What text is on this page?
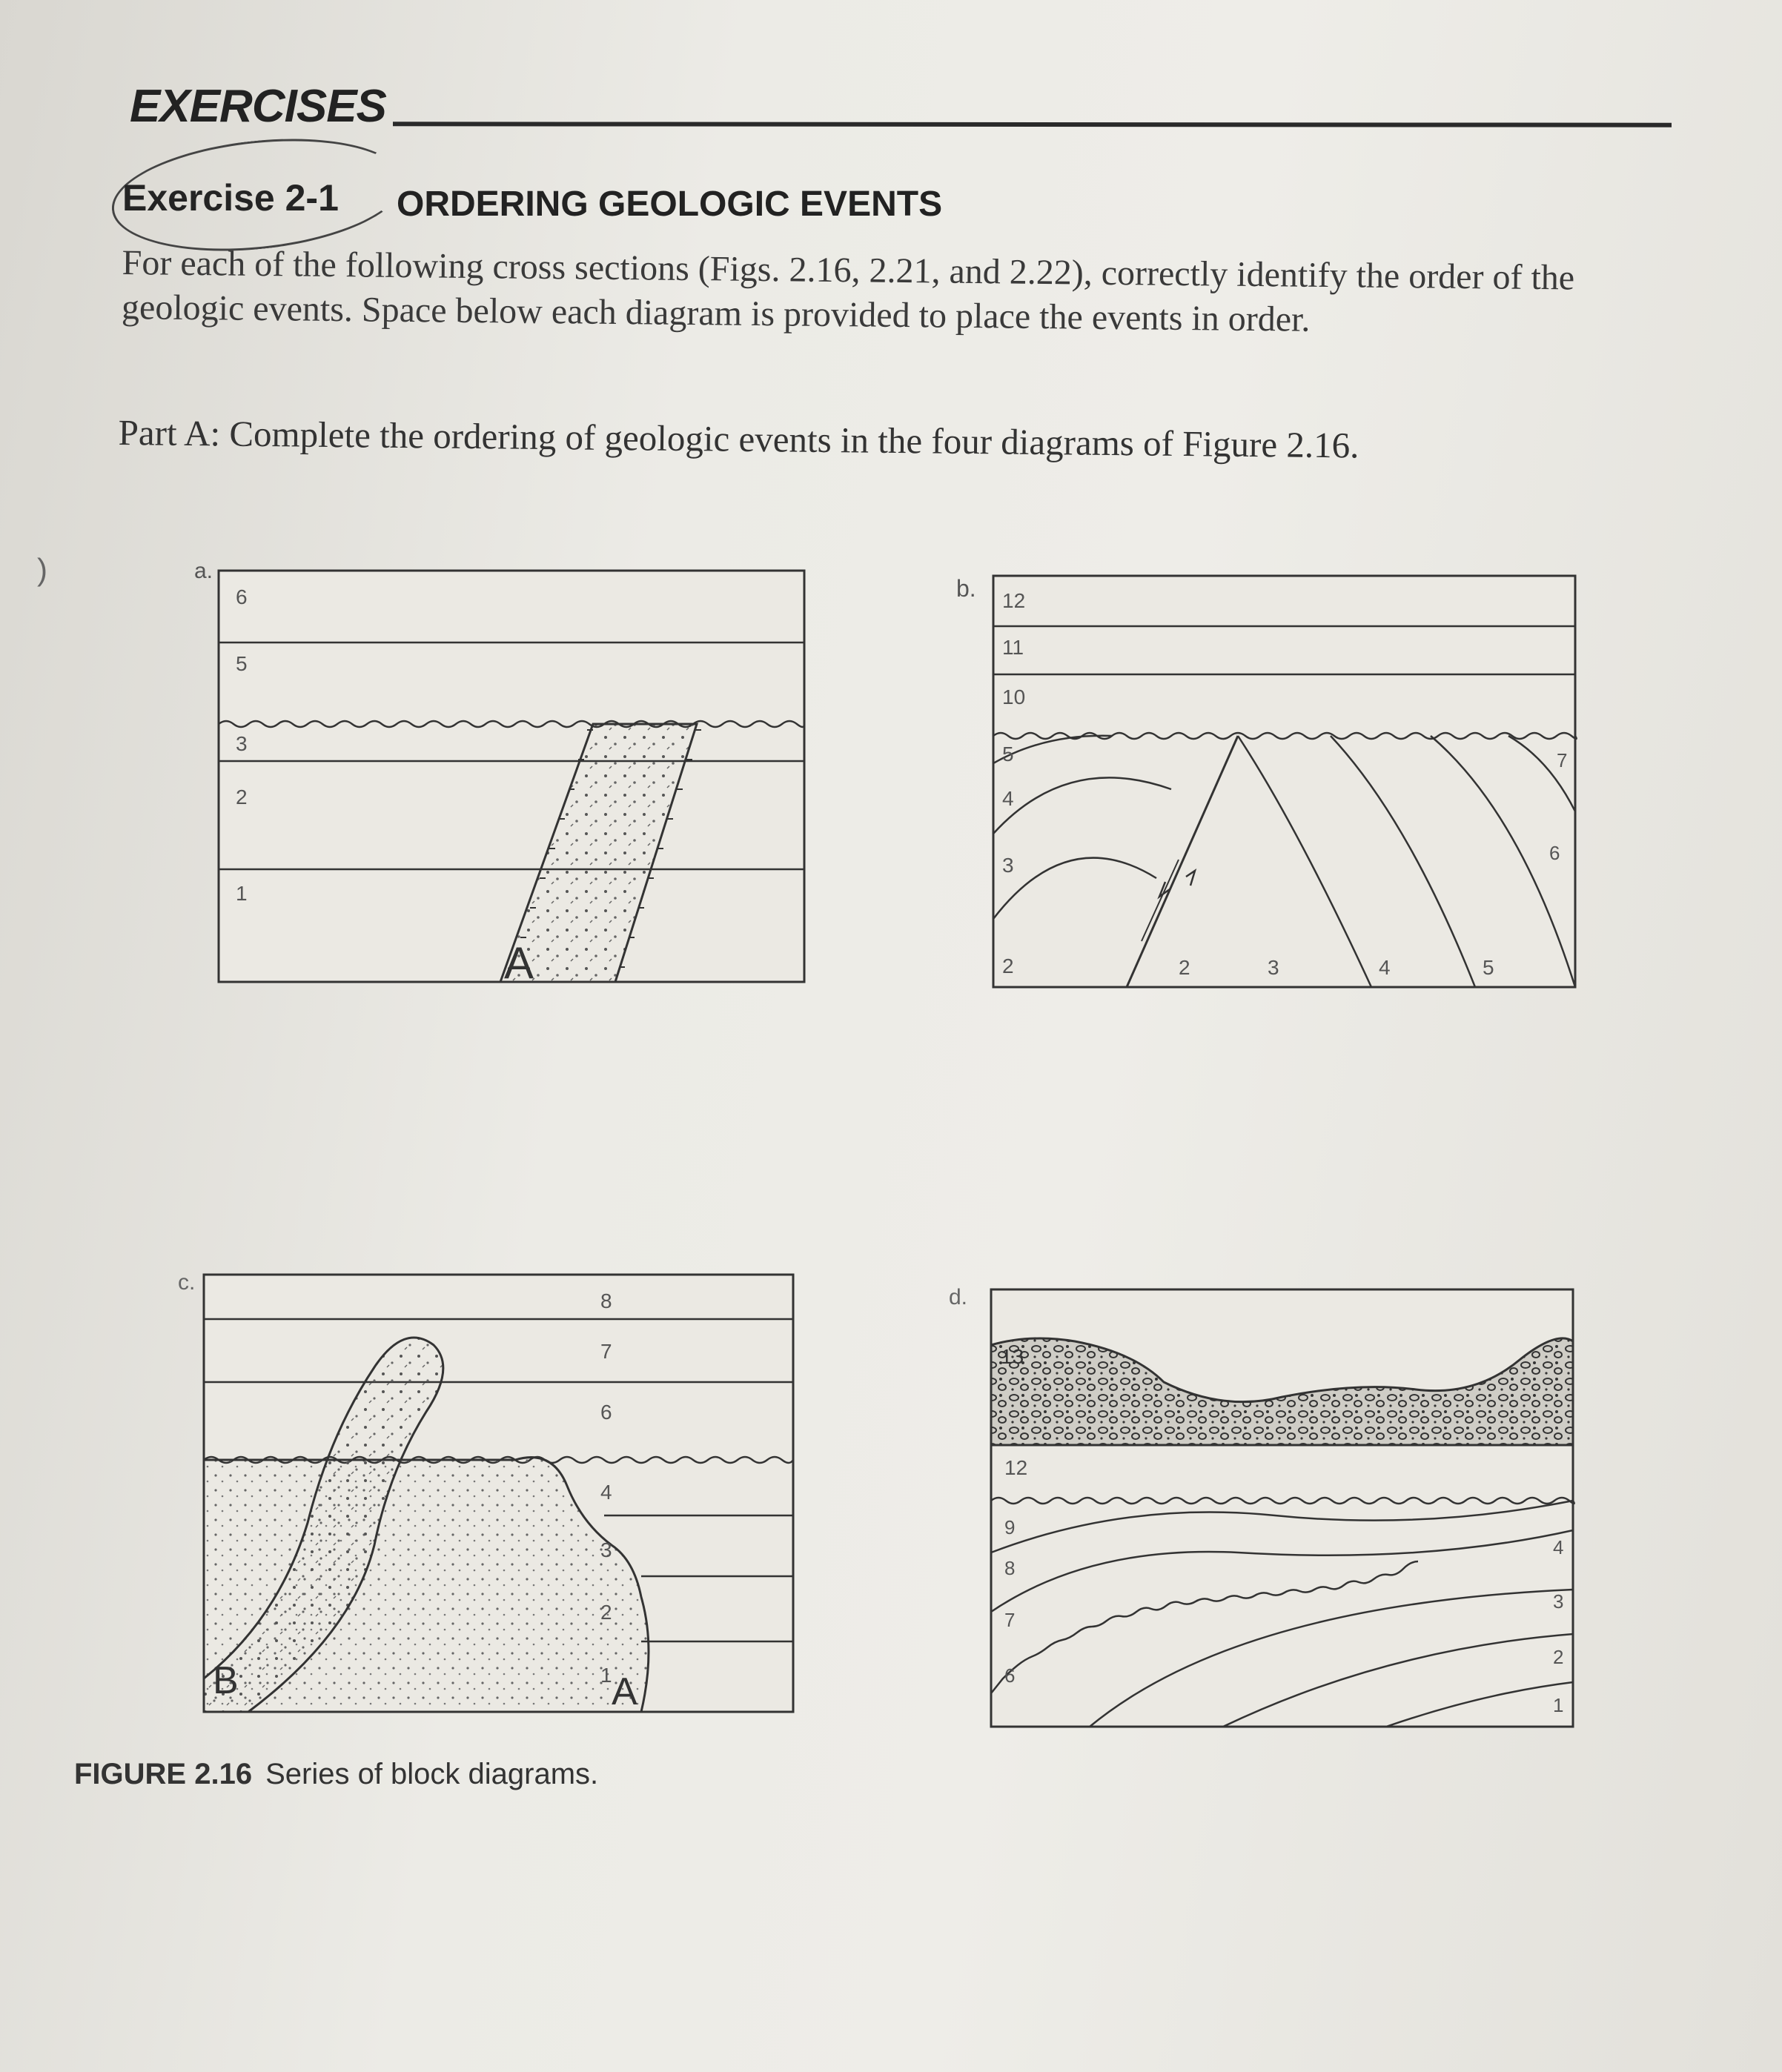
EXERCISES
Exercise 2-1 ORDERING GEOLOGIC EVENTS
For each of the following cross sections (Figs. 2.16, 2.21, and 2.22), correctly identify the order of the geologic events. Space below each diagram is provided to place the events in order.
Part A: Complete the ordering of geologic events in the four diagrams of Figure 2.16.
)	a.
6
5
3
2
1
A
b. 12
11
10
5
4
3
2
7
6
2	3	4	5
c.
8
7
6
4
3
2
1
B	A
d.
13
12
9
8
7
6
4
3
2
1
FIGURE 2.16 Series of block diagrams.
